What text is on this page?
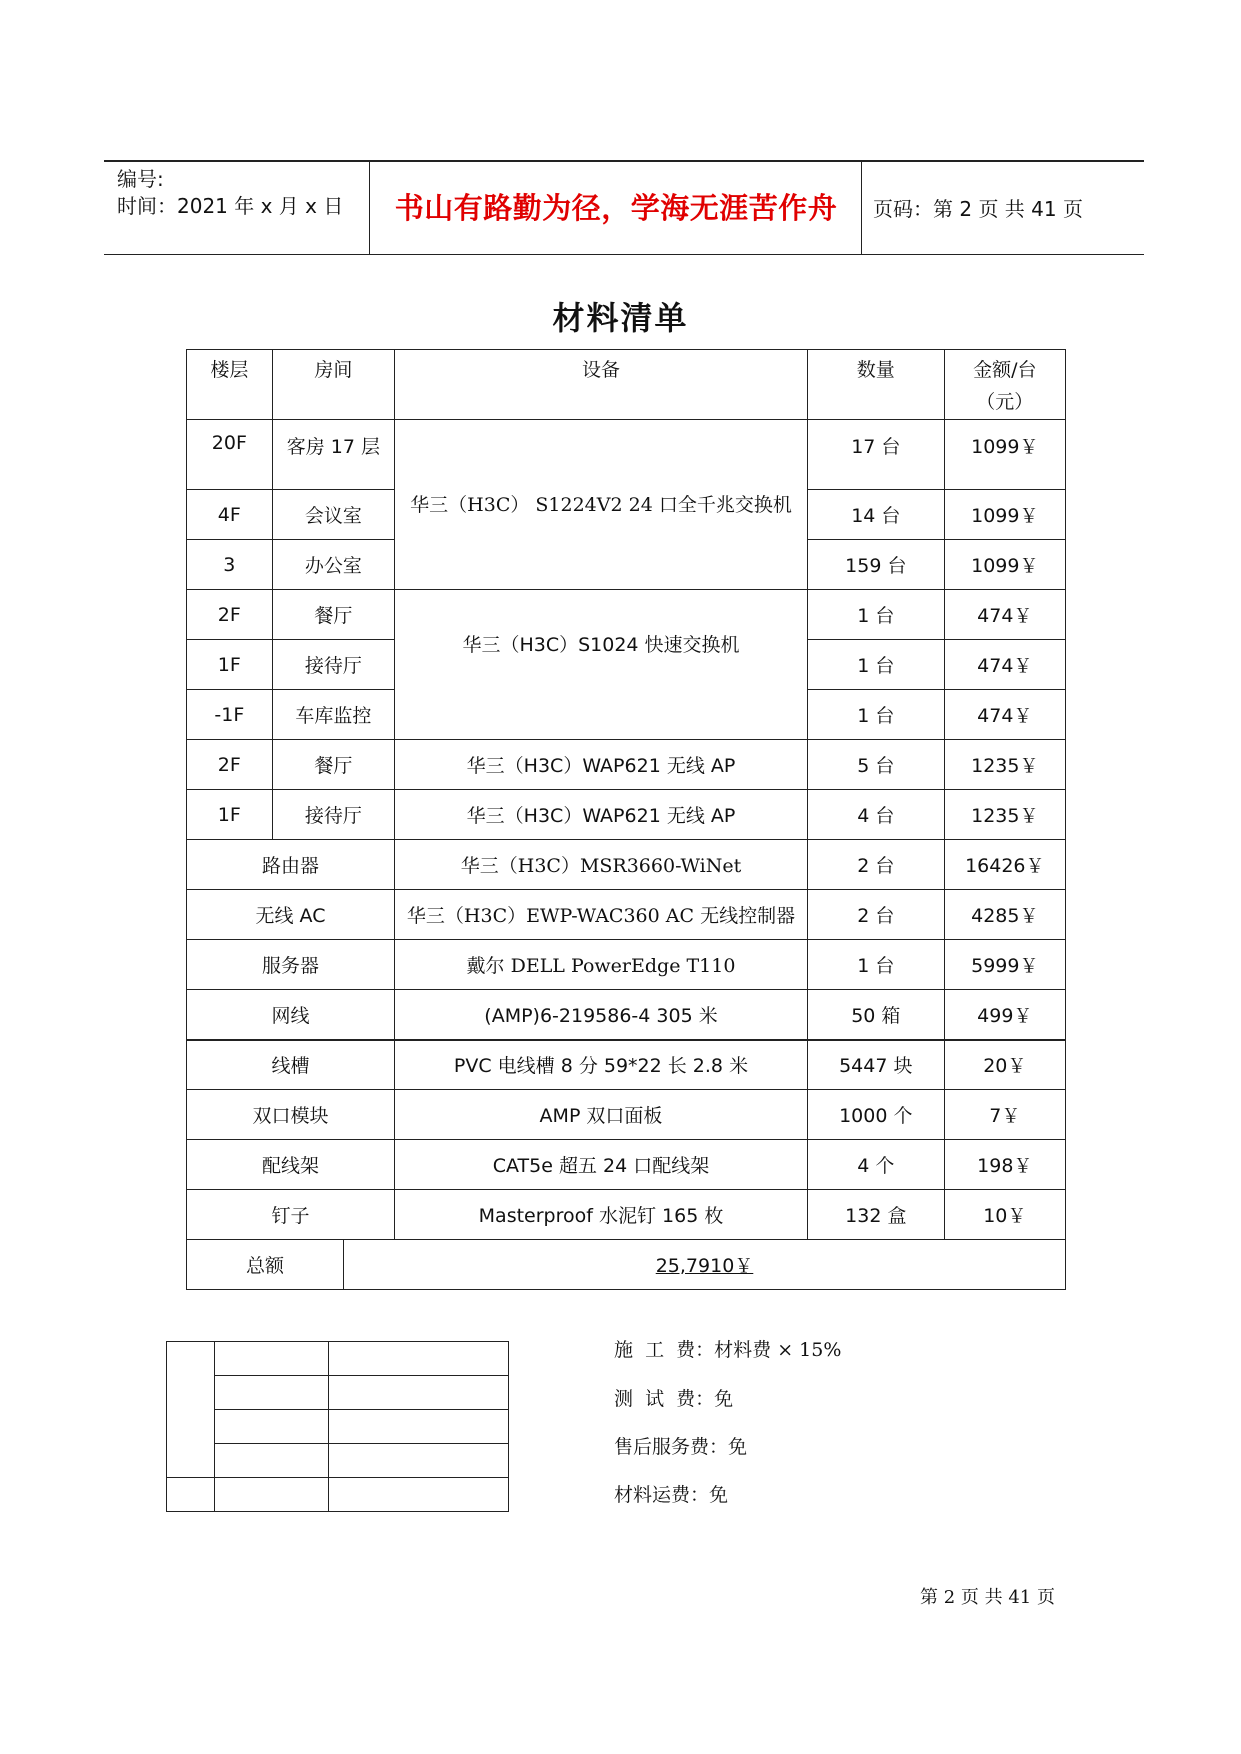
编号:
时间：2021 年 x 月 x 日	书山有路勤为径，学海无涯苦作舟	页码：第 2 页 共 41 页
材料清单
楼层	房间		设备	数量	金额/台
（元）

20F	客房 17 层		华三（H3C） S1224V2 24 口全千兆交换机	17 台	1099￥
4F	会议室			14 台	1099￥
3	办公室			159 台	1099￥
2F	餐厅		华三（H3C）S1024 快速交换机	1 台	474￥
1F	接待厅			1 台	474￥
-1F	车库监控			1 台	474￥
2F	餐厅		华三（H3C）WAP621 无线 AP	5 台	1235￥
1F	接待厅		华三（H3C）WAP621 无线 AP	4 台	1235￥
路由器			华三（H3C）MSR3660-WiNet	2 台	16426￥
无线 AC			华三（H3C）EWP-WAC360 AC 无线控制器	2 台	4285￥
服务器			戴尔 DELL PowerEdge T110	1 台	5999￥
网线			(AMP)6-219586-4 305 米	50 箱	499￥
线槽			PVC 电线槽 8 分 59*22 长 2.8 米	5447 块	20￥
双口模块			AMP 双口面板	1000 个	7￥
配线架			CAT5e 超五 24 口配线架	4 个	198￥
钉子			Masterproof 水泥钉 165 枚	132 盒	10￥
总额		25,7910￥			

施  工  费：材料费 × 15%
测  试  费：免
售后服务费：免
材料运费：免
第 2 页 共 41 页
